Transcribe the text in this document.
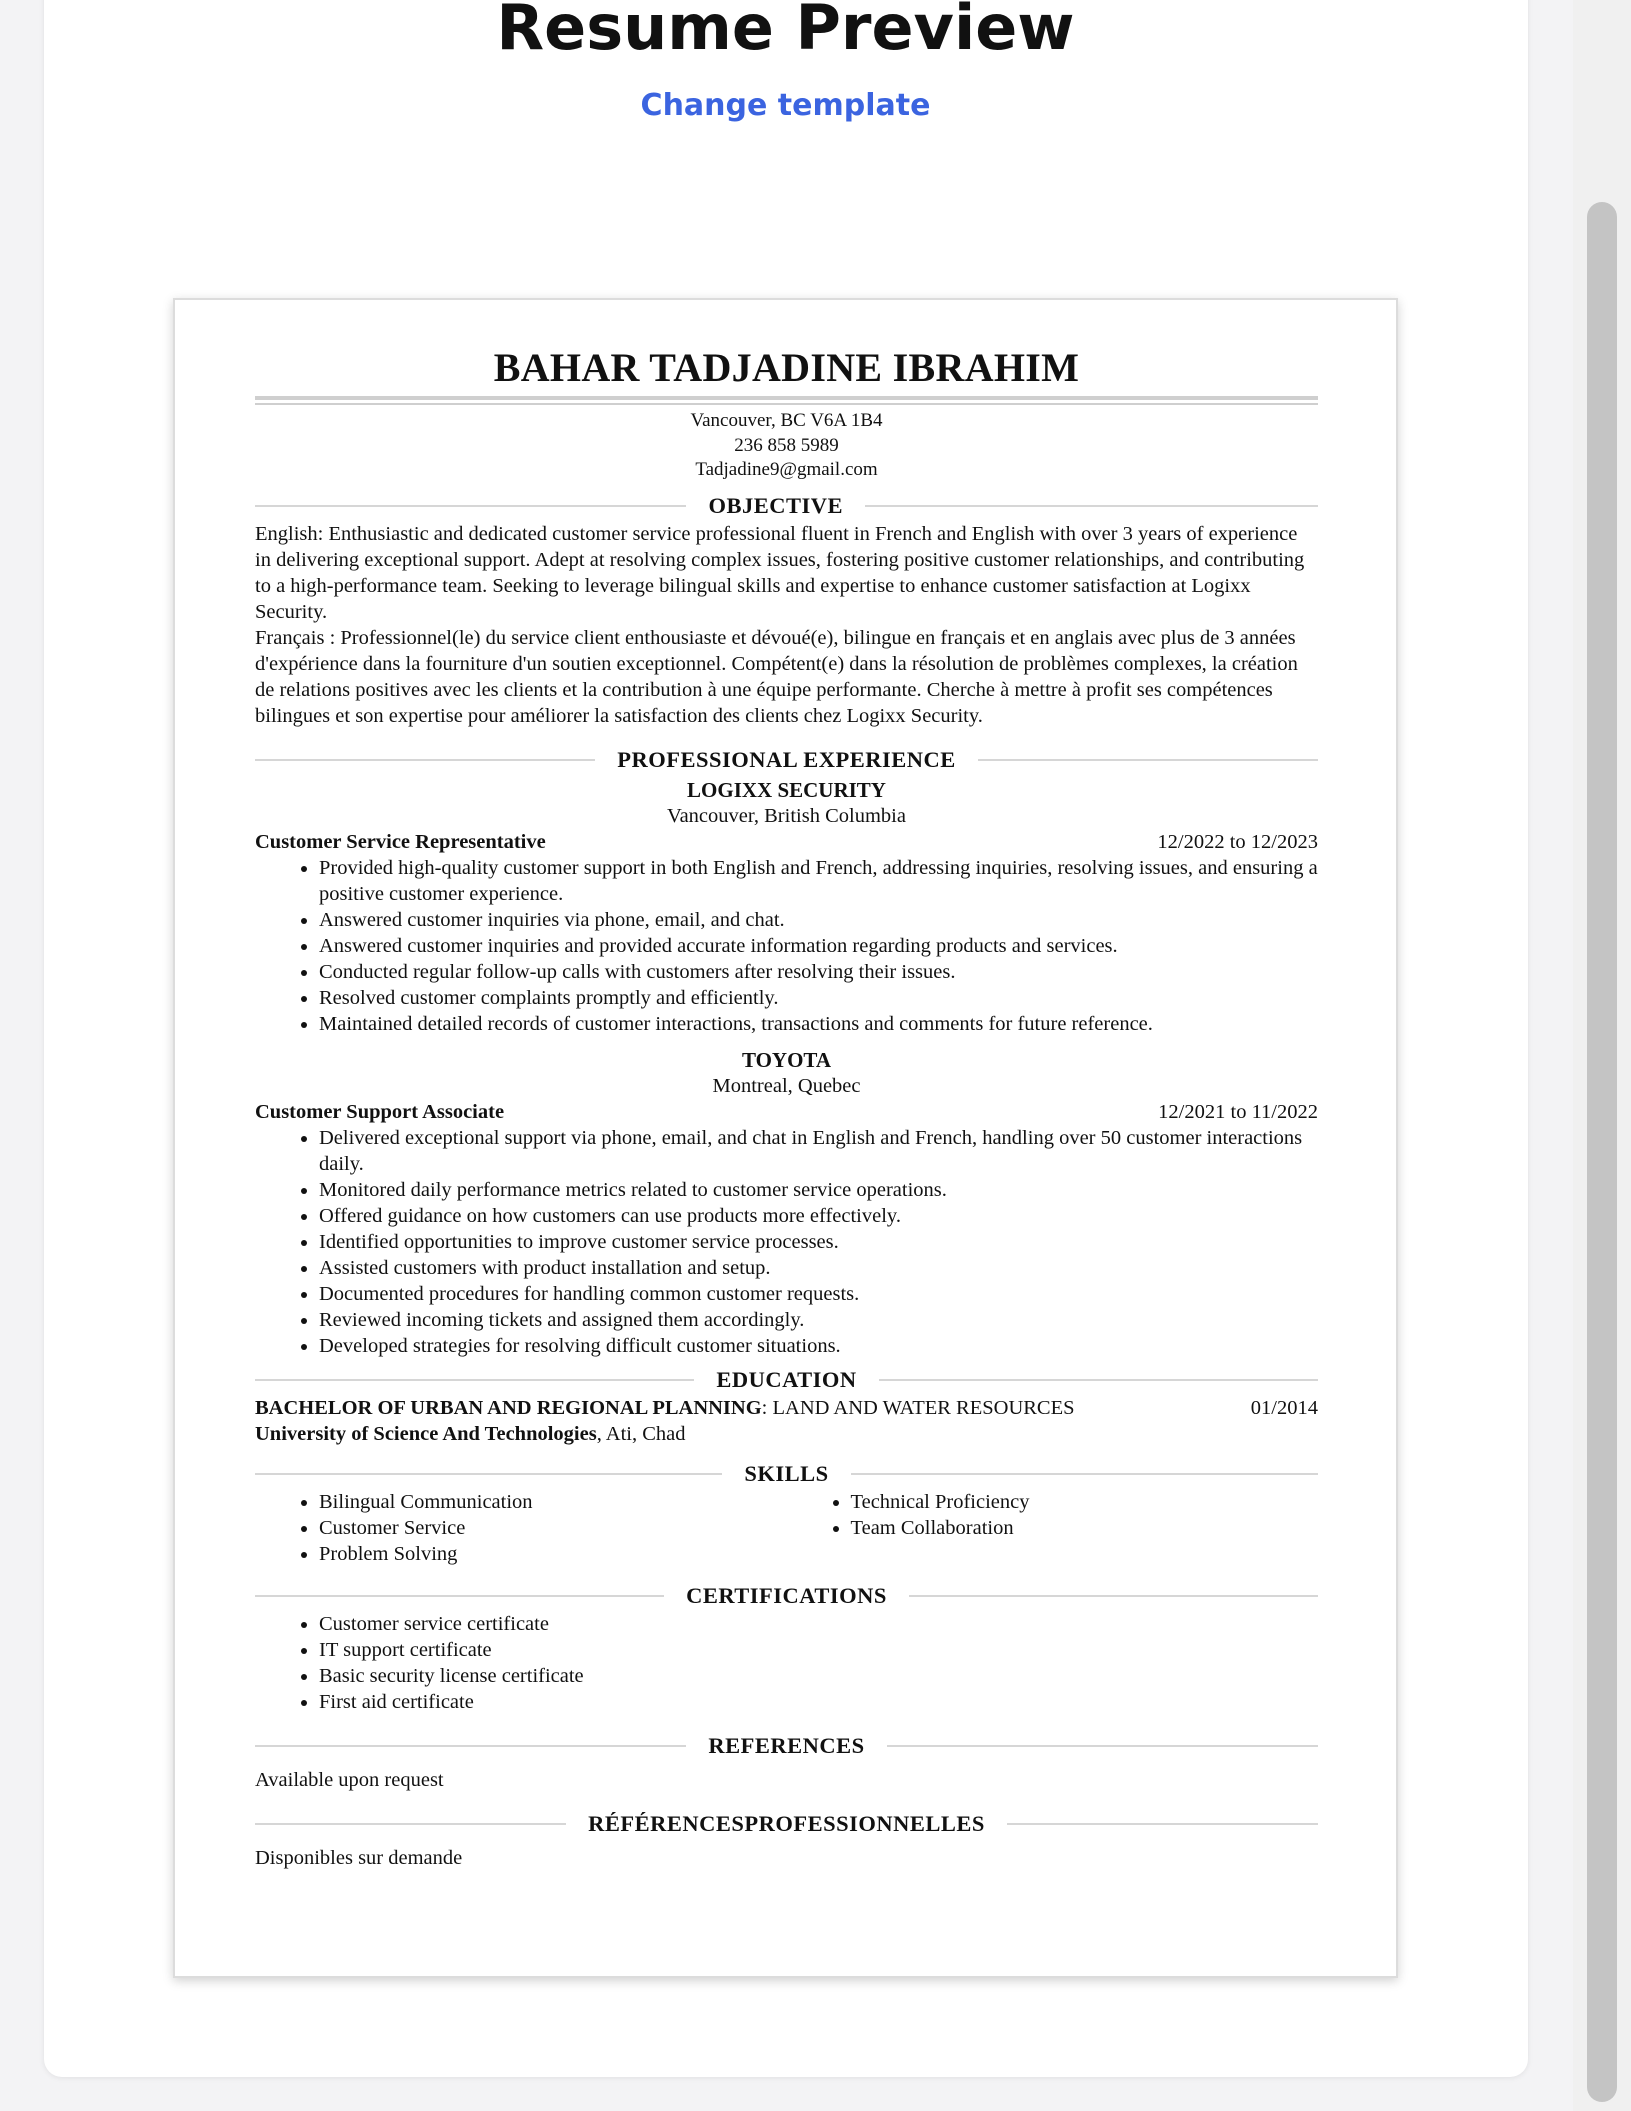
Resume Preview
Change template
BAHAR TADJADINE IBRAHIM
Vancouver, BC V6A 1B4
236 858 5989
Tadjadine9@gmail.com
OBJECTIVE

English: Enthusiastic and dedicated customer service professional fluent in French and English with over 3 years of experience in delivering exceptional support. Adept at resolving complex issues, fostering positive customer relationships, and contributing to a high-performance team. Seeking to leverage bilingual skills and expertise to enhance customer satisfaction at Logixx Security.

Français : Professionnel(le) du service client enthousiaste et dévoué(e), bilingue en français et en anglais avec plus de 3 années d'expérience dans la fourniture d'un soutien exceptionnel. Compétent(e) dans la résolution de problèmes complexes, la création de relations positives avec les clients et la contribution à une équipe performante. Cherche à mettre à profit ses compétences bilingues et son expertise pour améliorer la satisfaction des clients chez Logixx Security.

PROFESSIONAL EXPERIENCE
LOGIXX SECURITY
Vancouver, British Columbia
Customer Service Representative	12/2022 to 12/2023
• Provided high-quality customer support in both English and French, addressing inquiries, resolving issues, and ensuring a positive customer experience.
• Answered customer inquiries via phone, email, and chat.
• Answered customer inquiries and provided accurate information regarding products and services.
• Conducted regular follow-up calls with customers after resolving their issues.
• Resolved customer complaints promptly and efficiently.
• Maintained detailed records of customer interactions, transactions and comments for future reference.
TOYOTA
Montreal, Quebec
Customer Support Associate	12/2021 to 11/2022
• Delivered exceptional support via phone, email, and chat in English and French, handling over 50 customer interactions daily.
• Monitored daily performance metrics related to customer service operations.
• Offered guidance on how customers can use products more effectively.
• Identified opportunities to improve customer service processes.
• Assisted customers with product installation and setup.
• Documented procedures for handling common customer requests.
• Reviewed incoming tickets and assigned them accordingly.
• Developed strategies for resolving difficult customer situations.
EDUCATION
BACHELOR OF URBAN AND REGIONAL PLANNING: LAND AND WATER RESOURCES	01/2014
University of Science And Technologies, Ati, Chad
SKILLS
• Bilingual Communication
• Customer Service
• Problem Solving
• Technical Proficiency
• Team Collaboration
CERTIFICATIONS
• Customer service certificate
• IT support certificate
• Basic security license certificate
• First aid certificate
REFERENCES
Available upon request
RÉFÉRENCESPROFESSIONNELLES
Disponibles sur demande
